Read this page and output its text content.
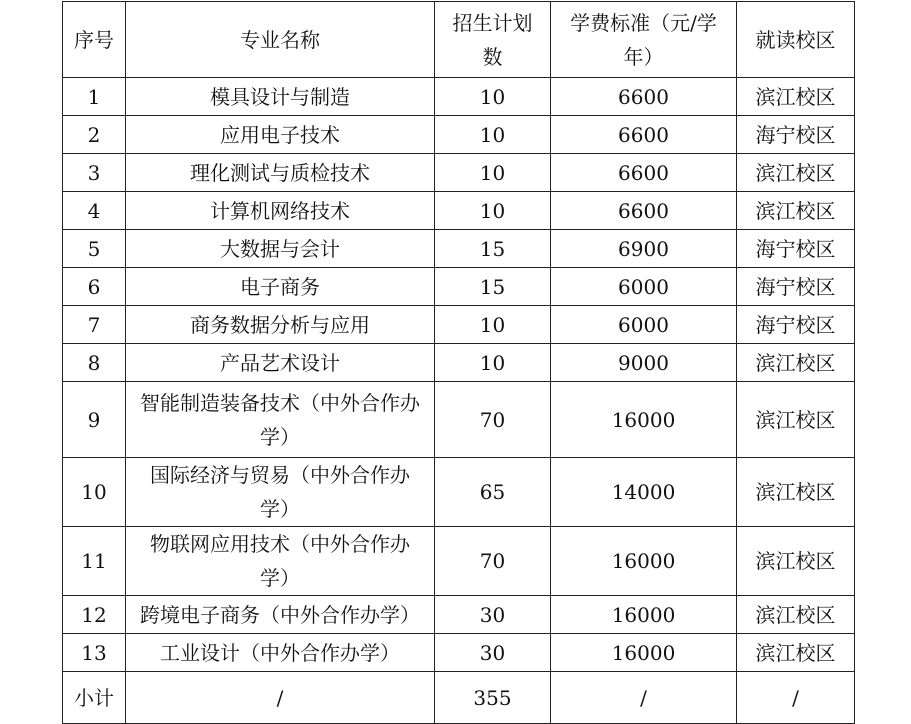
序号	专业名称	招生计划数	学费标准（元/学年）	就读校区
1	模具设计与制造	10	6600	滨江校区
2	应用电子技术	10	6600	海宁校区
3	理化测试与质检技术	10	6600	滨江校区
4	计算机网络技术	10	6600	滨江校区
5	大数据与会计	15	6900	海宁校区
6	电子商务	15	6000	海宁校区
7	商务数据分析与应用	10	6000	海宁校区
8	产品艺术设计	10	9000	滨江校区
9	智能制造装备技术（中外合作办学）	70	16000	滨江校区
10	国际经济与贸易（中外合作办学）	65	14000	滨江校区
11	物联网应用技术（中外合作办学）	70	16000	滨江校区
12	跨境电子商务（中外合作办学）	30	16000	滨江校区
13	工业设计（中外合作办学）	30	16000	滨江校区
小计	/	355	/	/
